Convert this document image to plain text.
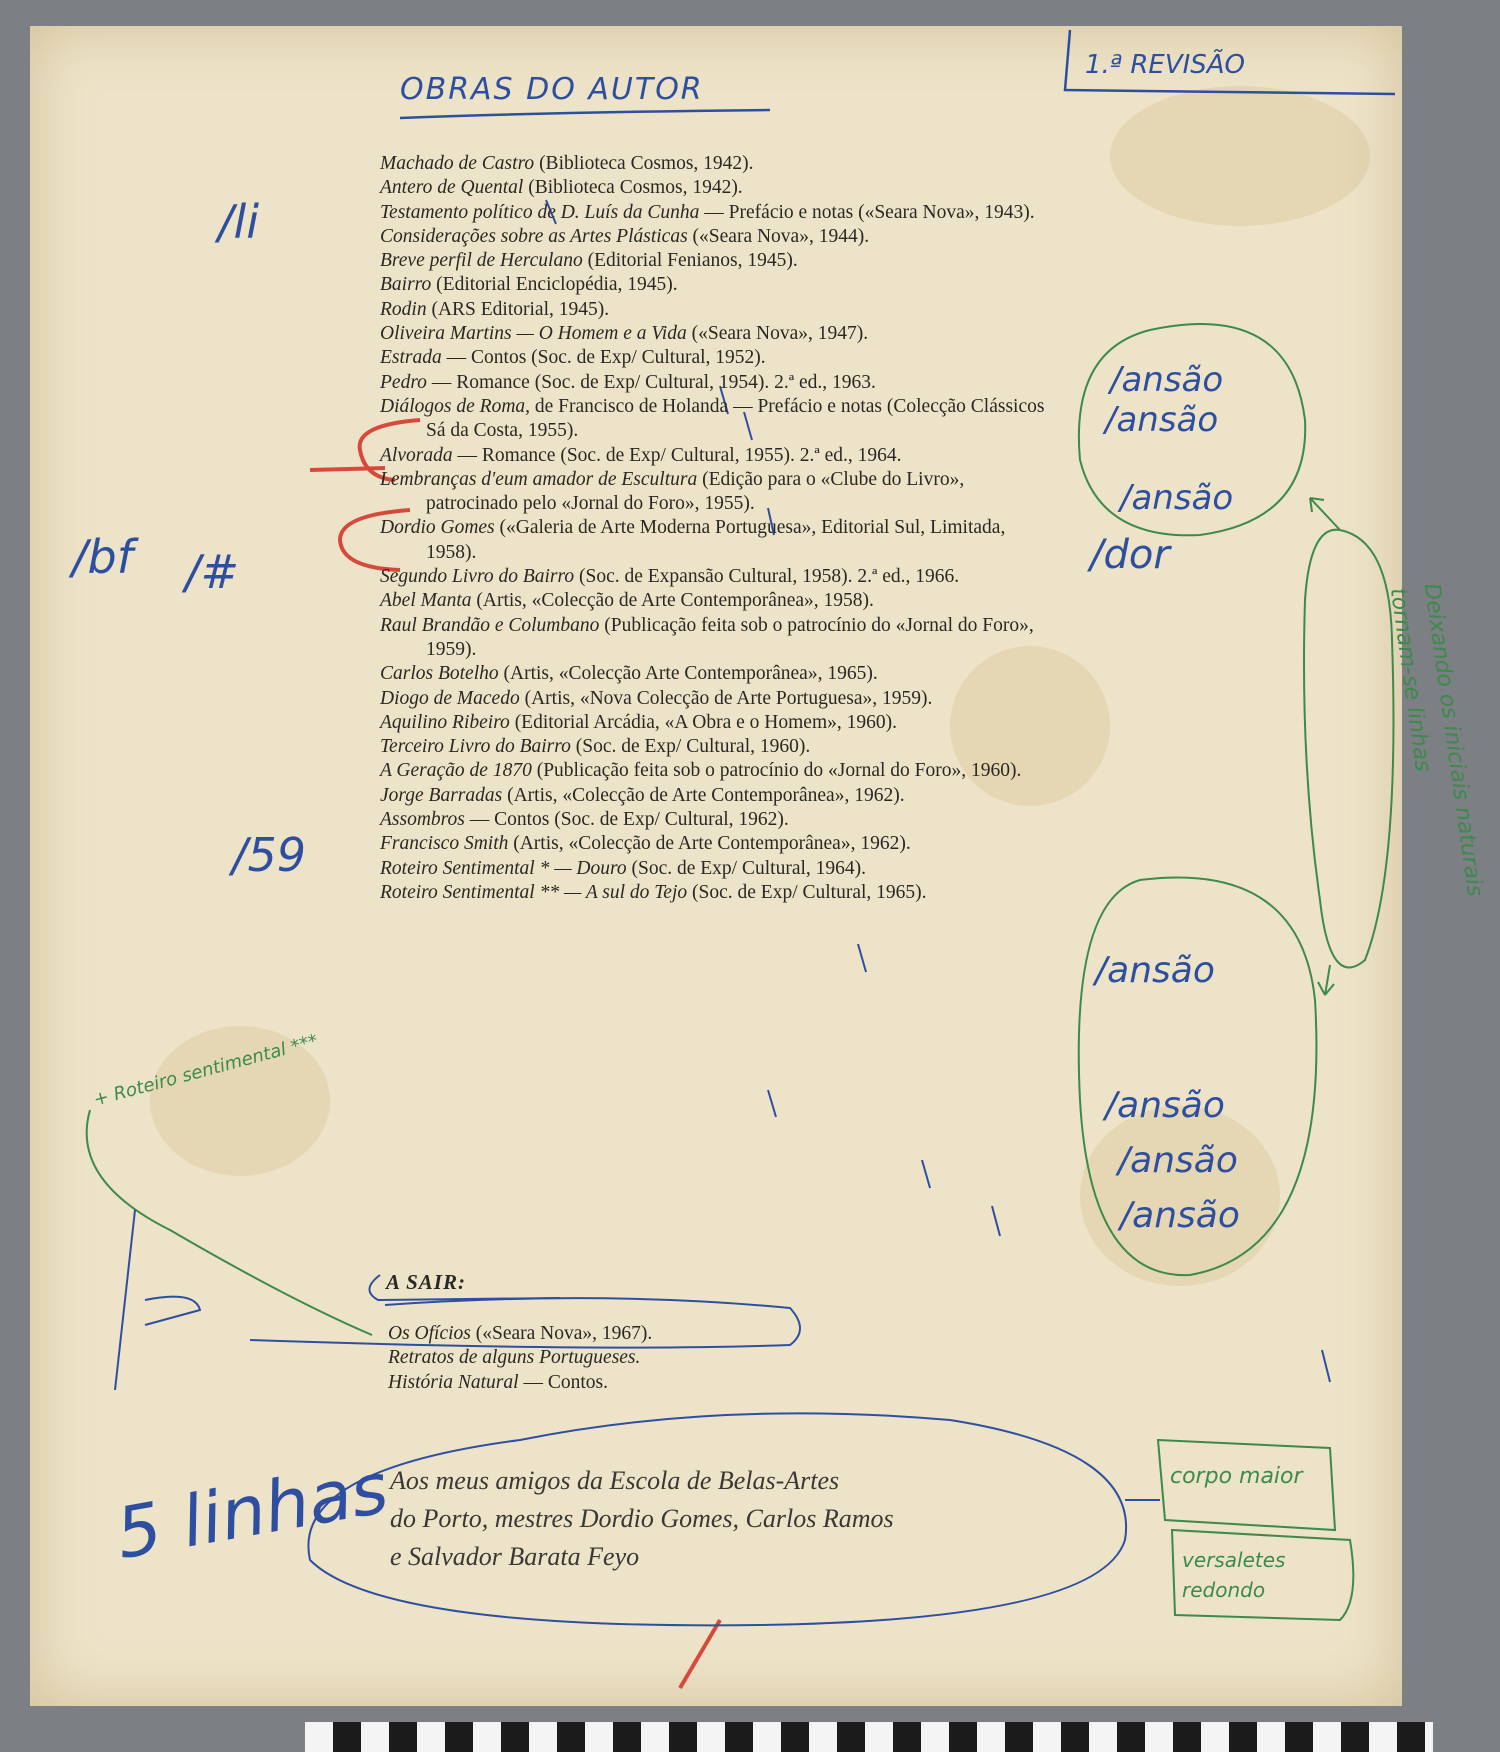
OBRAS DO AUTOR
1.ª REVISÃO
/li
/bf /#
/59
5 linhas
/ansão
/ansão
/ansão
/dor
/ansão
/ansão
/ansão
/ansão
Deixando os iniciais naturais tornam-se linhas
+ Roteiro sentimental ***
corpo maior
versaletes redondo
Machado de Castro (Biblioteca Cosmos, 1942).
Antero de Quental (Biblioteca Cosmos, 1942).
Testamento político de D. Luís da Cunha — Prefácio e notas («Seara Nova», 1943).
Considerações sobre as Artes Plásticas («Seara Nova», 1944).
Breve perfil de Herculano (Editorial Fenianos, 1945).
Bairro (Editorial Enciclopédia, 1945).
Rodin (ARS Editorial, 1945).
Oliveira Martins — O Homem e a Vida («Seara Nova», 1947).
Estrada — Contos (Soc. de Exp/ Cultural, 1952).
Pedro — Romance (Soc. de Exp/ Cultural, 1954). 2.ª ed., 1963.
Diálogos de Roma, de Francisco de Holanda — Prefácio e notas (Colecção Clássicos Sá da Costa, 1955).
Alvorada — Romance (Soc. de Exp/ Cultural, 1955). 2.ª ed., 1964.
Lembranças d'eum amador de Escultura (Edição para o «Clube do Livro», patrocinado pelo «Jornal do Foro», 1955).
Dordio Gomes («Galeria de Arte Moderna Portuguesa», Editorial Sul, Limitada, 1958).
Segundo Livro do Bairro (Soc. de Expansão Cultural, 1958). 2.ª ed., 1966.
Abel Manta (Artis, «Colecção de Arte Contemporânea», 1958).
Raul Brandão e Columbano (Publicação feita sob o patrocínio do «Jornal do Foro», 1959).
Carlos Botelho (Artis, «Colecção Arte Contemporânea», 1965).
Diogo de Macedo (Artis, «Nova Colecção de Arte Portuguesa», 1959).
Aquilino Ribeiro (Editorial Arcádia, «A Obra e o Homem», 1960).
Terceiro Livro do Bairro (Soc. de Exp/ Cultural, 1960).
A Geração de 1870 (Publicação feita sob o patrocínio do «Jornal do Foro», 1960).
Jorge Barradas (Artis, «Colecção de Arte Contemporânea», 1962).
Assombros — Contos (Soc. de Exp/ Cultural, 1962).
Francisco Smith (Artis, «Colecção de Arte Contemporânea», 1962).
Roteiro Sentimental * — Douro (Soc. de Exp/ Cultural, 1964).
Roteiro Sentimental ** — A sul do Tejo (Soc. de Exp/ Cultural, 1965).
A SAIR:
Os Ofícios («Seara Nova», 1967).
Retratos de alguns Portugueses.
História Natural — Contos.
Aos meus amigos da Escola de Belas-Artes
do Porto, mestres Dordio Gomes, Carlos Ramos
e Salvador Barata Feyo
